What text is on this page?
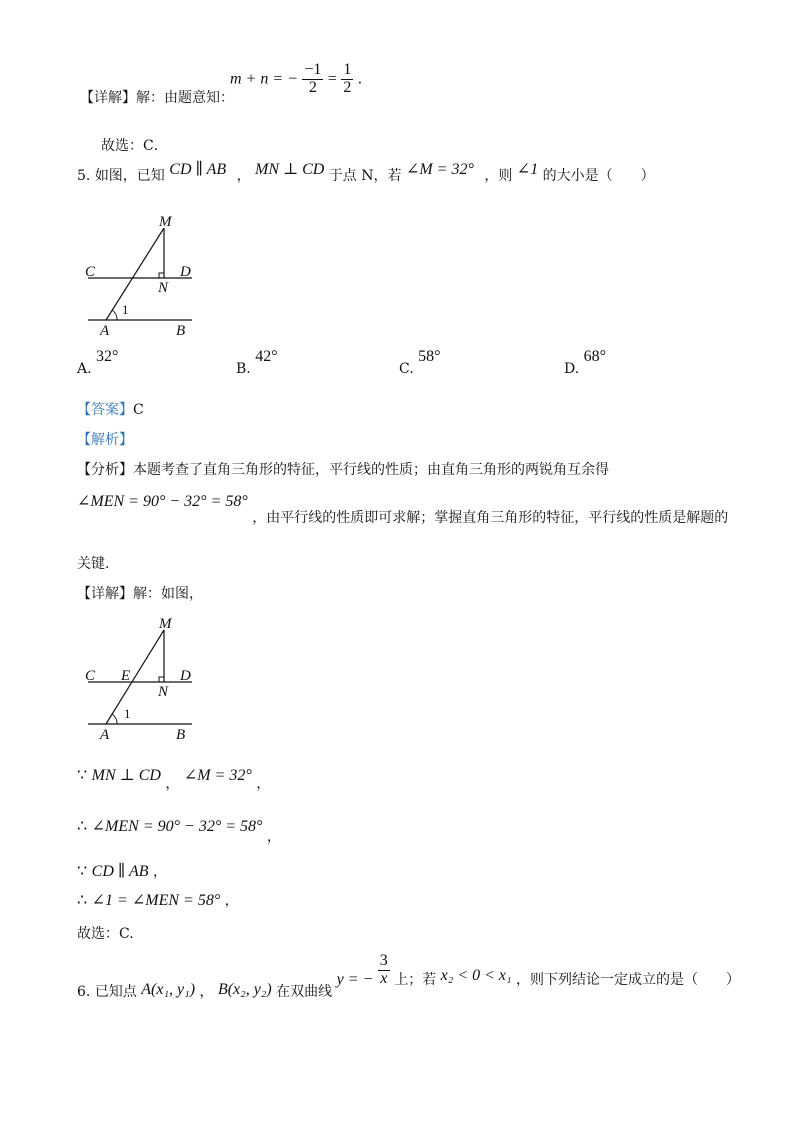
【详解】解：由题意知：
m + n = − $\frac{-1}{2} = \frac{1}{2}$ .
故选：C．
5. 如图，已知 CD ∥ AB ， MN ⊥ CD 于点 N，若 ∠M = 32° ，则 ∠1 的大小是（　　）
M
C	D
N
1
A	B
A. 32°
B. 42°
C. 58°
D. 68°
【答案】C
【解析】
【分析】本题考查了直角三角形的特征，平行线的性质；由直角三角形的两锐角互余得
∠MEN = 90° − 32° = 58° ，由平行线的性质即可求解；掌握直角三角形的特征，平行线的性质是解题的
关键.
【详解】解：如图，
M
C E	D
N
1
A	B
∵ MN ⊥ CD ， ∠M = 32° ，
∴ ∠MEN = 90° − 32° = 58° ，
∵ CD ∥ AB ，
∴ ∠1 = ∠MEN = 58° ，
故选：C.
6. 已知点 A(x₁, y₁) ， B(x₂, y₂) 在双曲线 y = − $\frac{3}{x}$ 上；若 x₂ < 0 < x₁ ，则下列结论一定成立的是（　　）
